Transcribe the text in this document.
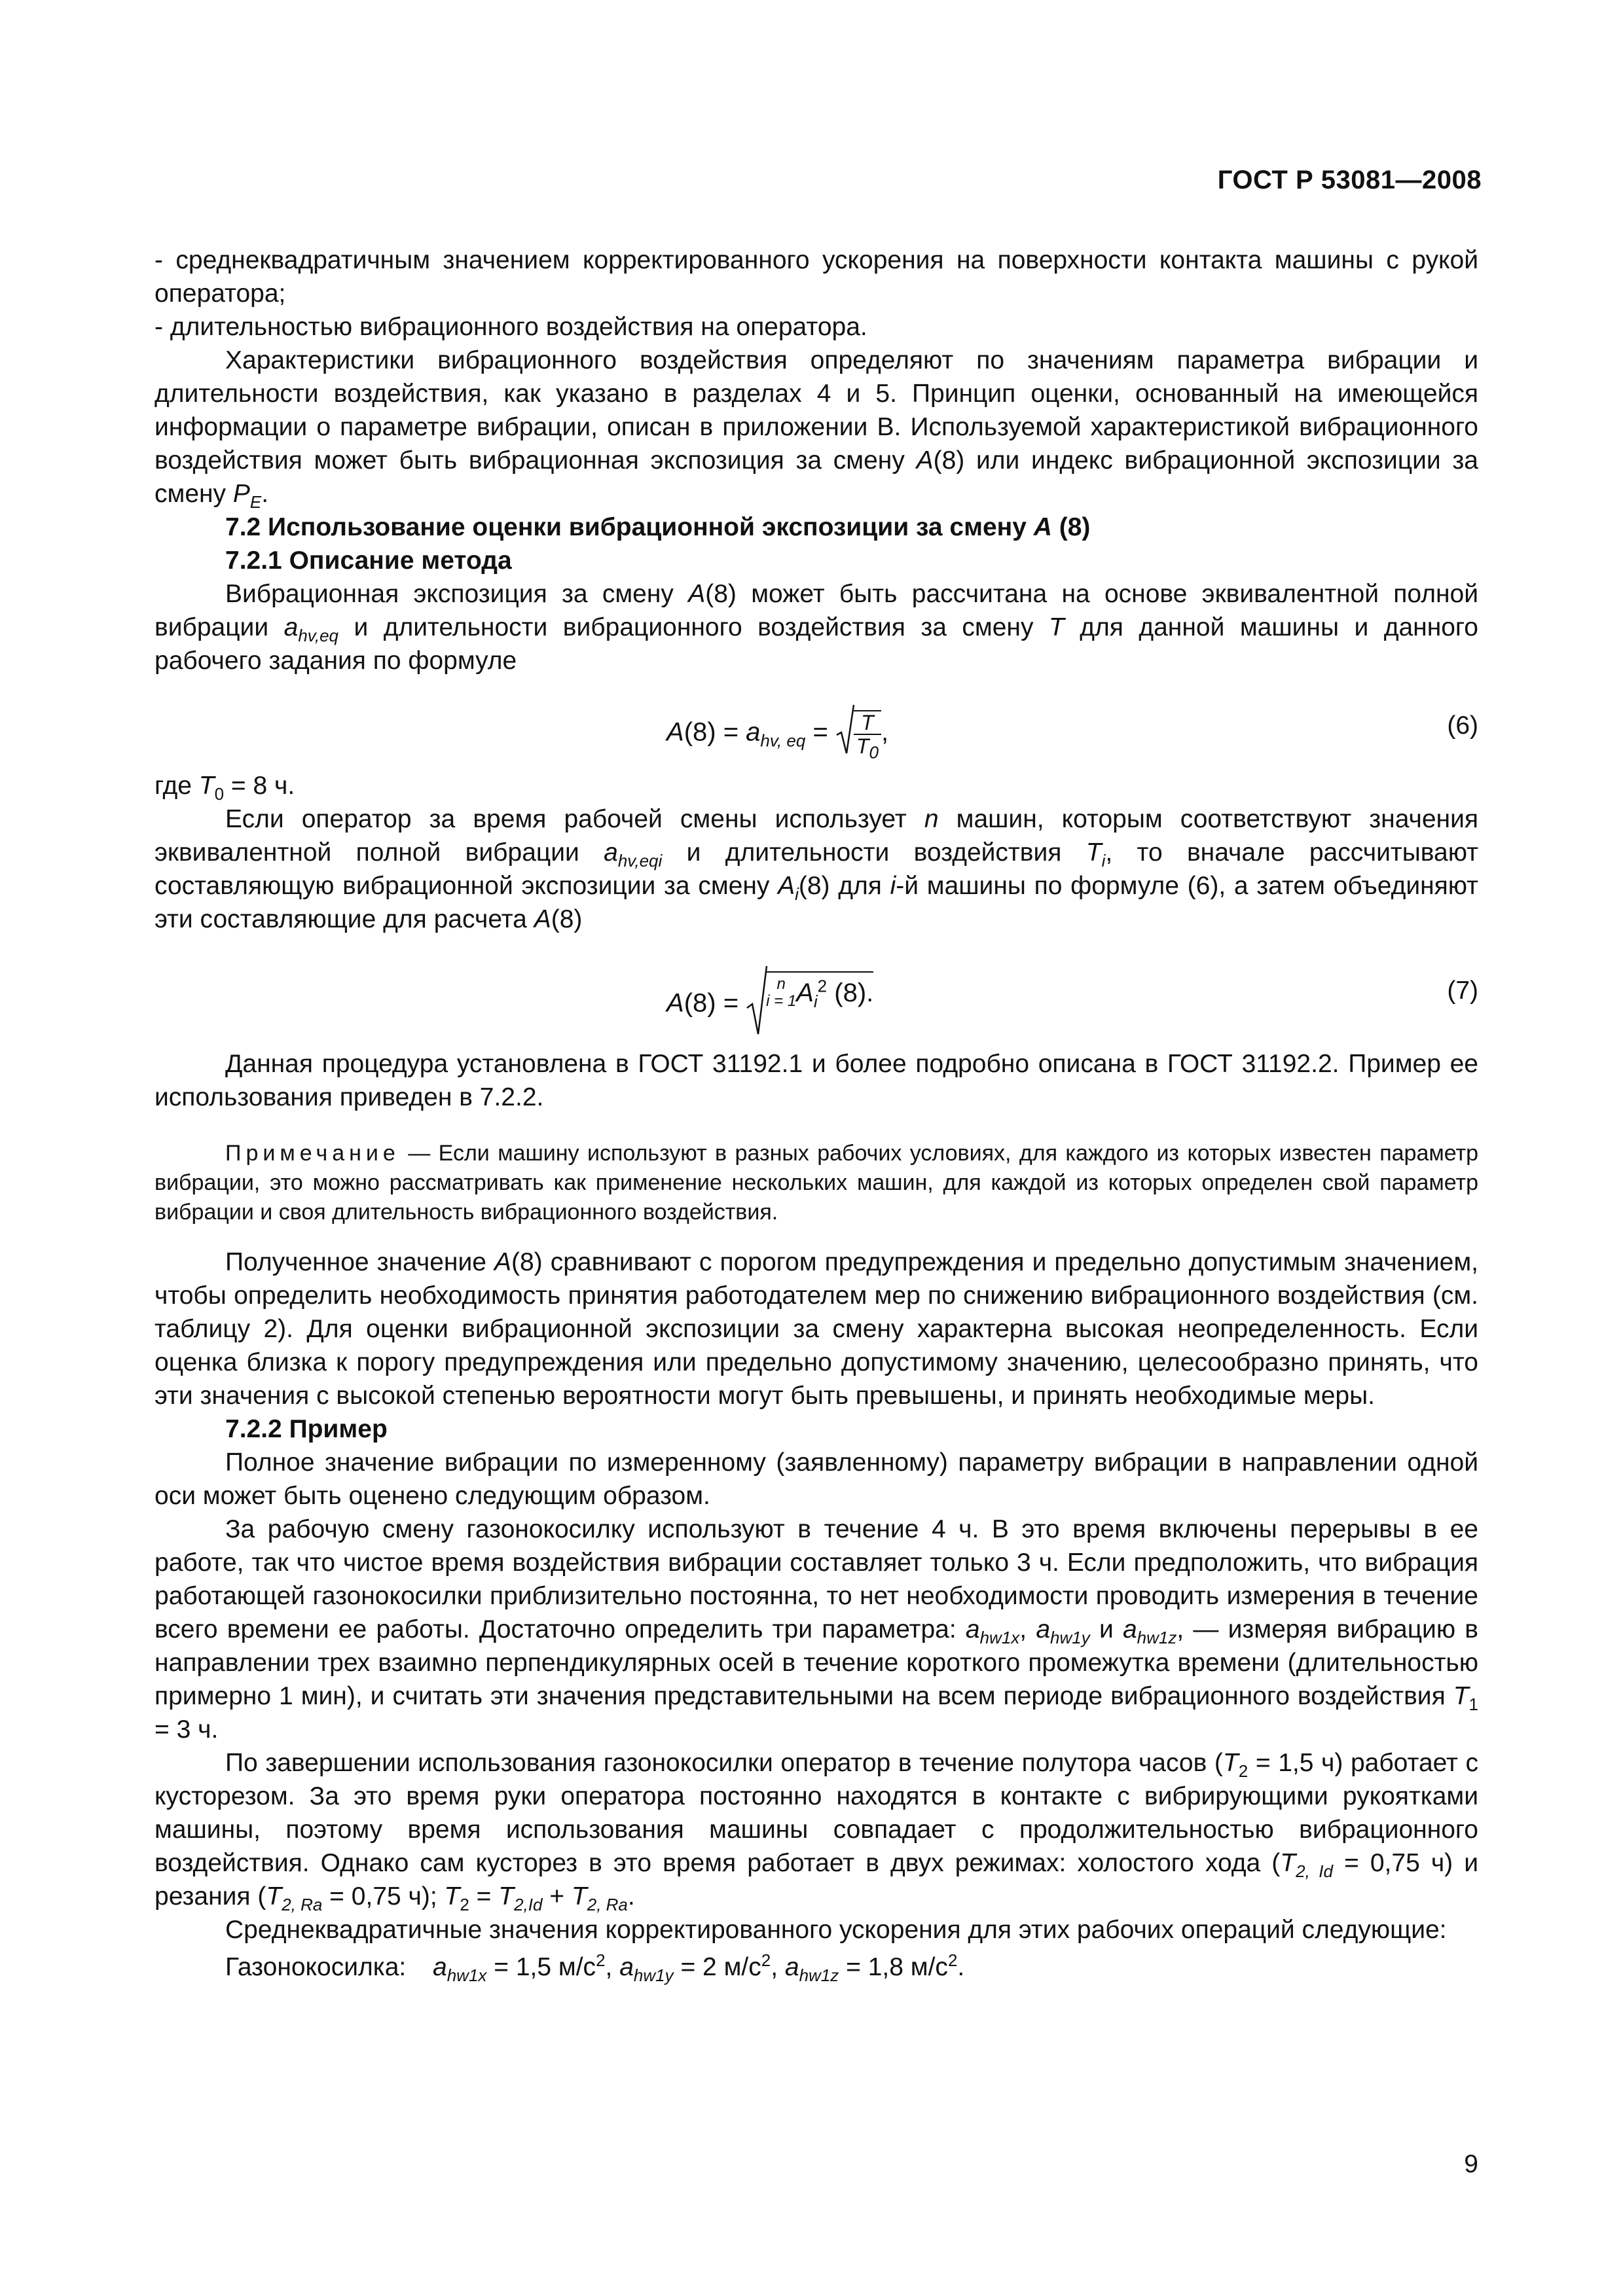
ГОСТ Р 53081—2008

- среднеквадратичным значением корректированного ускорения на поверхности контакта машины с рукой оператора;

- длительностью вибрационного воздействия на оператора.

Характеристики вибрационного воздействия определяют по значениям параметра вибрации и длительности воздействия, как указано в разделах 4 и 5. Принцип оценки, основанный на имеющейся информации о параметре вибрации, описан в приложении В. Используемой характеристикой вибрационного воздействия может быть вибрационная экспозиция за смену A(8) или индекс вибрационной экспозиции за смену $P_E$.

7.2 Использование оценки вибрационной экспозиции за смену A (8)

7.2.1 Описание метода

Вибрационная экспозиция за смену A(8) может быть рассчитана на основе эквивалентной полной вибрации $a_{hv,eq}$ и длительности вибрационного воздействия за смену T для данной машины и данного рабочего задания по формуле

$A(8) = a_{hv, eq} = \frac{T}{T_0}$ ,	(6)

где $T_0 = 8$ ч.

Если оператор за время рабочей смены использует n машин, которым соответствуют значения эквивалентной полной вибрации $a_{hv,eqi}$ и длительности воздействия $T_i$, то вначале рассчитывают составляющую вибрационной экспозиции за смену $A_i(8)$ для i-й машины по формуле (6), а затем объединяют эти составляющие для расчета A(8)

A(8) = n
$i = 1A_i^2$ (8).	(7)

Данная процедура установлена в ГОСТ 31192.1 и более подробно описана в ГОСТ 31192.2. Пример ее использования приведен в 7.2.2.

Примечание — Если машину используют в разных рабочих условиях, для каждого из которых известен параметр вибрации, это можно рассматривать как применение нескольких машин, для каждой из которых определен свой параметр вибрации и своя длительность вибрационного воздействия.

Полученное значение A(8) сравнивают с порогом предупреждения и предельно допустимым значением, чтобы определить необходимость принятия работодателем мер по снижению вибрационного воздействия (см. таблицу 2). Для оценки вибрационной экспозиции за смену характерна высокая неопределенность. Если оценка близка к порогу предупреждения или предельно допустимому значению, целесообразно принять, что эти значения с высокой степенью вероятности могут быть превышены, и принять необходимые меры.

7.2.2 Пример

Полное значение вибрации по измеренному (заявленному) параметру вибрации в направлении одной оси может быть оценено следующим образом.

За рабочую смену газонокосилку используют в течение 4 ч. В это время включены перерывы в ее работе, так что чистое время воздействия вибрации составляет только 3 ч. Если предположить, что вибрация работающей газонокосилки приблизительно постоянна, то нет необходимости проводить измерения в течение всего времени ее работы. Достаточно определить три параметра: $a_{hw1x}$, $a_{hw1y}$ и $a_{hw1z}$, — измеряя вибрацию в направлении трех взаимно перпендикулярных осей в течение короткого промежутка времени (длительностью примерно 1 мин), и считать эти значения представительными на всем периоде вибрационного воздействия $T_1 = 3$ ч.

По завершении использования газонокосилки оператор в течение полутора часов ($T_2 = 1,5$ ч) работает с кусторезом. За это время руки оператора постоянно находятся в контакте с вибрирующими рукоятками машины, поэтому время использования машины совпадает с продолжительностью вибрационного воздействия. Однако сам кусторез в это время работает в двух режимах: холостого хода ($T_{2, Id} = 0,75$ ч) и резания ($T_{2, Ra} = 0,75$ ч); $T_2 = T_{2,Id} + T_{2, Ra}$.

Среднеквадратичные значения корректированного ускорения для этих рабочих операций следующие:

Газонокосилка: $a_{hw1x} = 1,5$ $м/с^2$, $a_{hw1y} = 2$ $м/с^2$, $a_{hw1z} = 1,8$ $м/с^2$.

9
